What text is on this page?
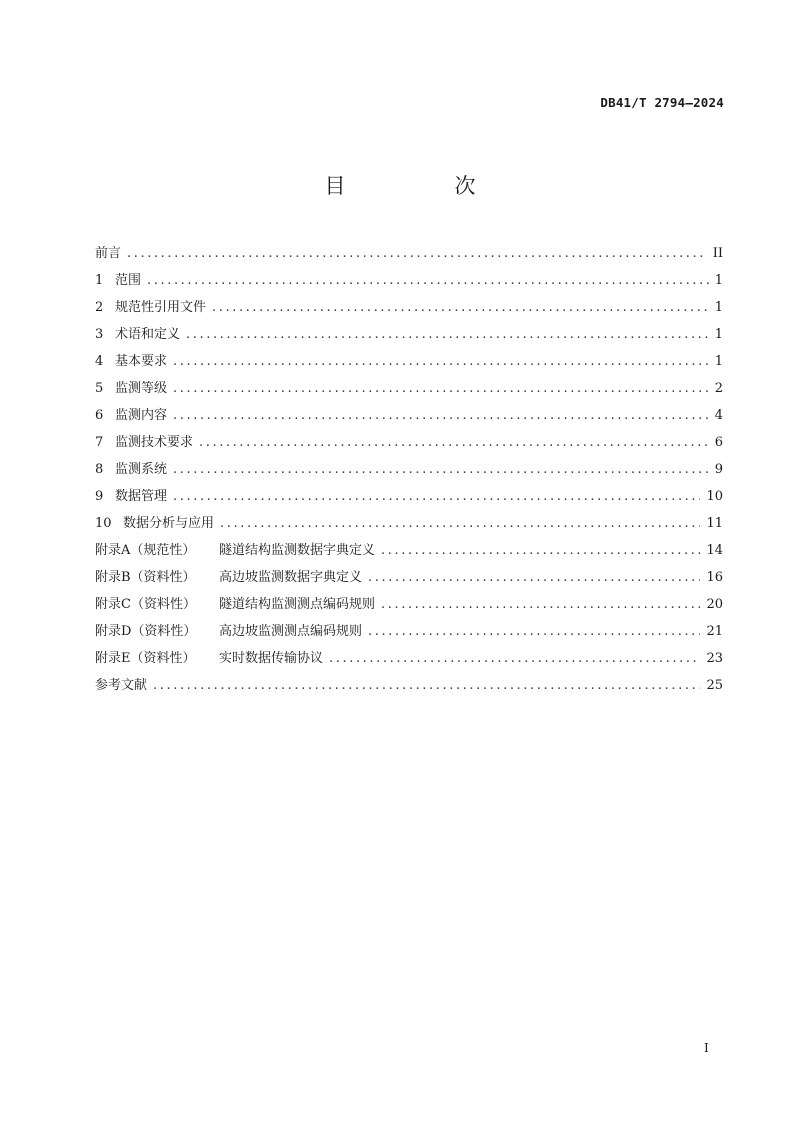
DB41/T 2794—2024
目　次
前言 .....	II
1 范围 .....	1
2 规范性引用文件 .....	1
3 术语和定义 .....	1
4 基本要求 .....	1
5 监测等级 .....	2
6 监测内容 .....	4
7 监测技术要求 .....	6
8 监测系统 .....	9
9 数据管理 .....	10
10 数据分析与应用 .....	11
附录A（规范性）	隧道结构监测数据字典定义 .....	14
附录B（资料性）	高边坡监测数据字典定义 .....	16
附录C（资料性）	隧道结构监测测点编码规则 .....	20
附录D（资料性）	高边坡监测测点编码规则 .....	21
附录E（资料性）	实时数据传输协议 .....	23
参考文献 .....	25
I
